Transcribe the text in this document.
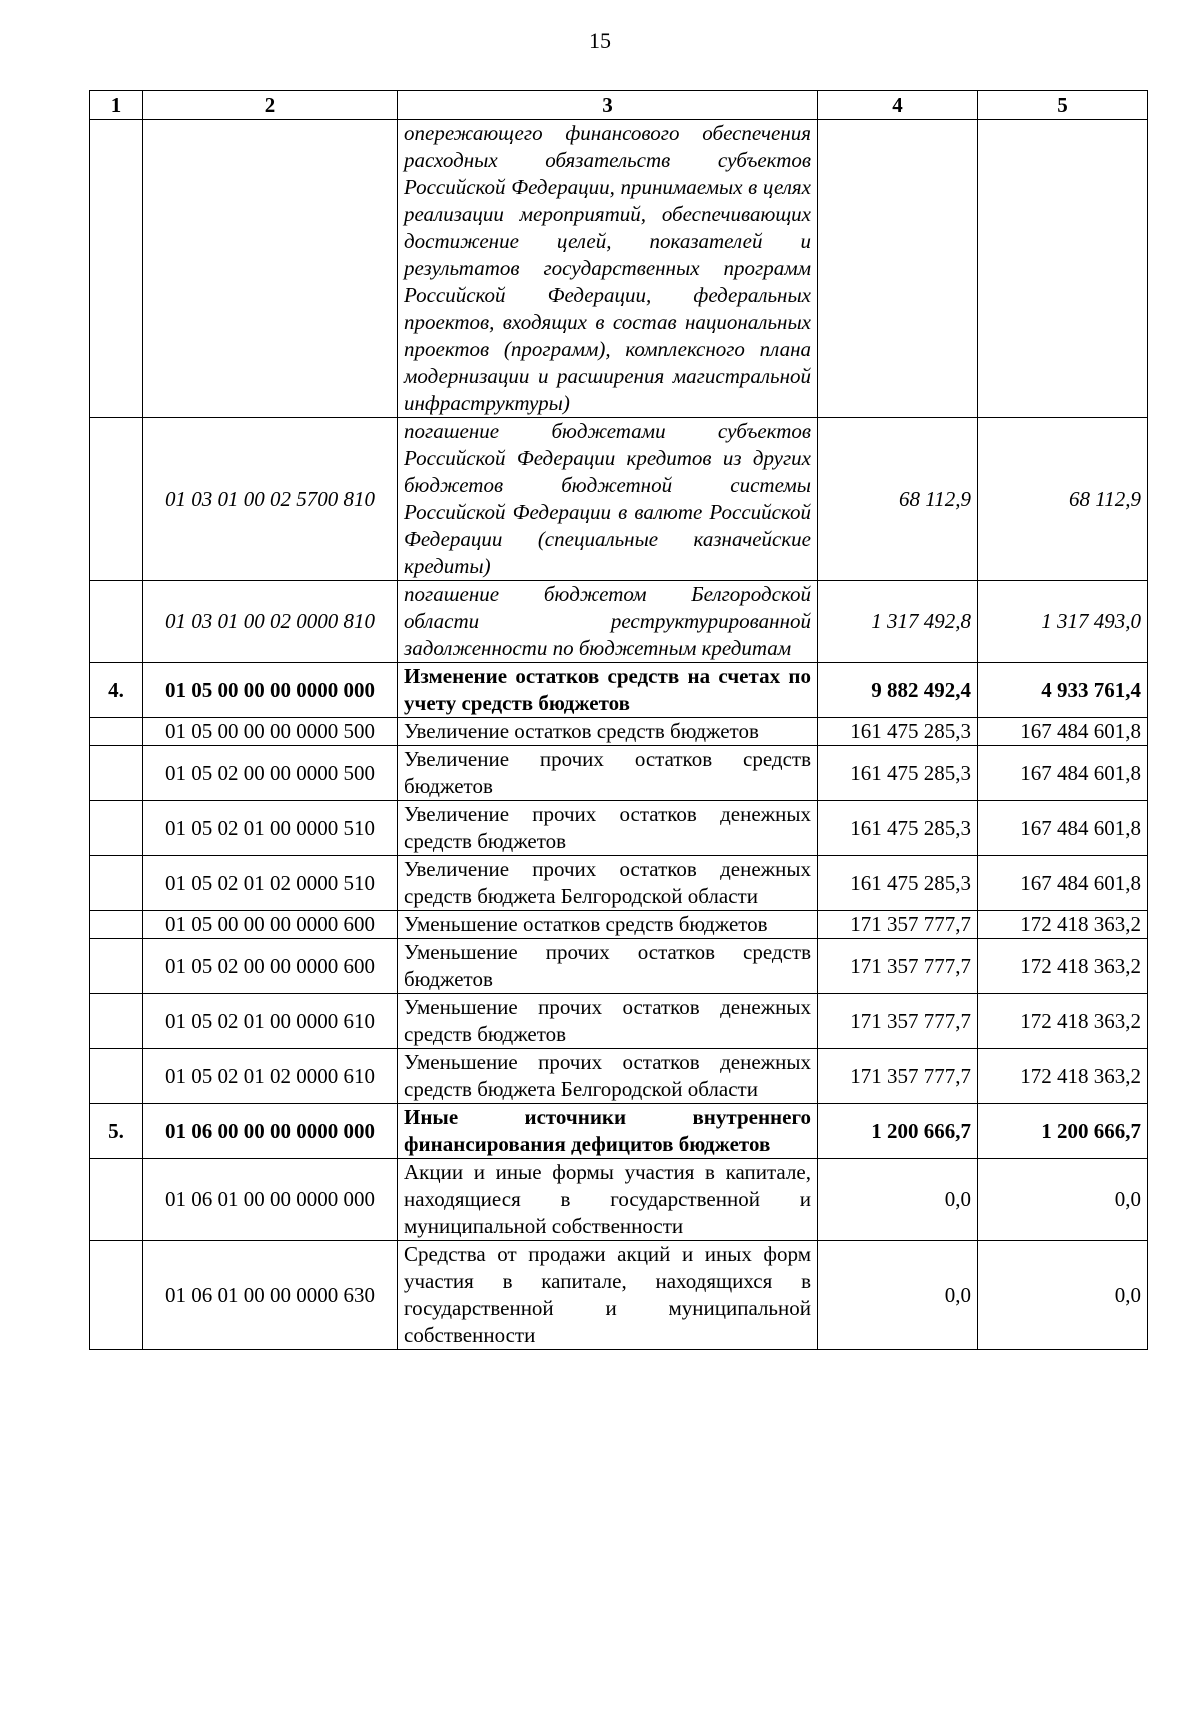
15
1	2	3	4	5
		опережающего финансового обеспечения расходных обязательств субъектов Российской Федерации, принимаемых в целях реализации мероприятий, обеспечивающих достижение целей, показателей и результатов государственных программ Российской Федерации, федеральных проектов, входящих в состав национальных проектов (программ), комплексного плана модернизации и расширения магистральной инфраструктуры)		
	01 03 01 00 02 5700 810	погашение бюджетами субъектов Российской Федерации кредитов из других бюджетов бюджетной системы Российской Федерации в валюте Российской Федерации (специальные казначейские кредиты)	68 112,9	68 112,9
	01 03 01 00 02 0000 810	погашение бюджетом Белгородской области реструктурированной задолженности по бюджетным кредитам	1 317 492,8	1 317 493,0
4.	01 05 00 00 00 0000 000	Изменение остатков средств на счетах по учету средств бюджетов	9 882 492,4	4 933 761,4
	01 05 00 00 00 0000 500	Увеличение остатков средств бюджетов	161 475 285,3	167 484 601,8
	01 05 02 00 00 0000 500	Увеличение прочих остатков средств бюджетов	161 475 285,3	167 484 601,8
	01 05 02 01 00 0000 510	Увеличение прочих остатков денежных средств бюджетов	161 475 285,3	167 484 601,8
	01 05 02 01 02 0000 510	Увеличение прочих остатков денежных средств бюджета Белгородской области	161 475 285,3	167 484 601,8
	01 05 00 00 00 0000 600	Уменьшение остатков средств бюджетов	171 357 777,7	172 418 363,2
	01 05 02 00 00 0000 600	Уменьшение прочих остатков средств бюджетов	171 357 777,7	172 418 363,2
	01 05 02 01 00 0000 610	Уменьшение прочих остатков денежных средств бюджетов	171 357 777,7	172 418 363,2
	01 05 02 01 02 0000 610	Уменьшение прочих остатков денежных средств бюджета Белгородской области	171 357 777,7	172 418 363,2
5.	01 06 00 00 00 0000 000	Иные источники внутреннего финансирования дефицитов бюджетов	1 200 666,7	1 200 666,7
	01 06 01 00 00 0000 000	Акции и иные формы участия в капитале, находящиеся в государственной и муниципальной собственности	0,0	0,0
	01 06 01 00 00 0000 630	Средства от продажи акций и иных форм участия в капитале, находящихся в государственной и муниципальной собственности	0,0	0,0
